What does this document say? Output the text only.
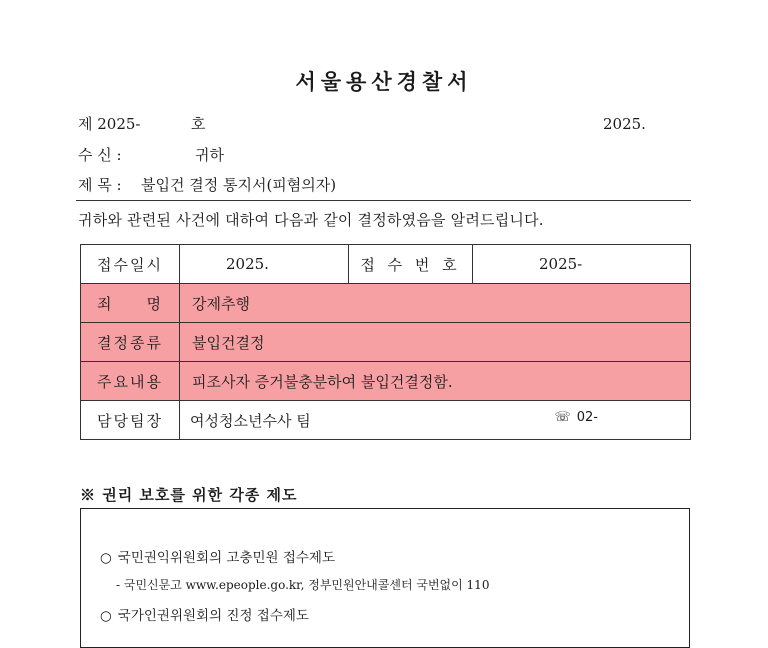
서울용산경찰서
제 2025-	호	2025.
수 신 :	귀하
제 목 : 불입건 결정 통지서(피혐의자)
귀하와 관련된 사건에 대하여 다음과 같이 결정하였음을 알려드립니다.
접수일시	2025.	접 수 번 호	2025-

죄 명	강제추행		
결정종류	불입건결정		
주요내용	피조사자 증거불충분하여 불입건결정함.		
담당팀장	여성청소년수사 팀 ☏ 02-		
※ 권리 보호를 위한 각종 제도
○ 국민권익위원회의 고충민원 접수제도
- 국민신문고 www.epeople.go.kr, 정부민원안내콜센터 국번없이 110
○ 국가인권위원회의 진정 접수제도
